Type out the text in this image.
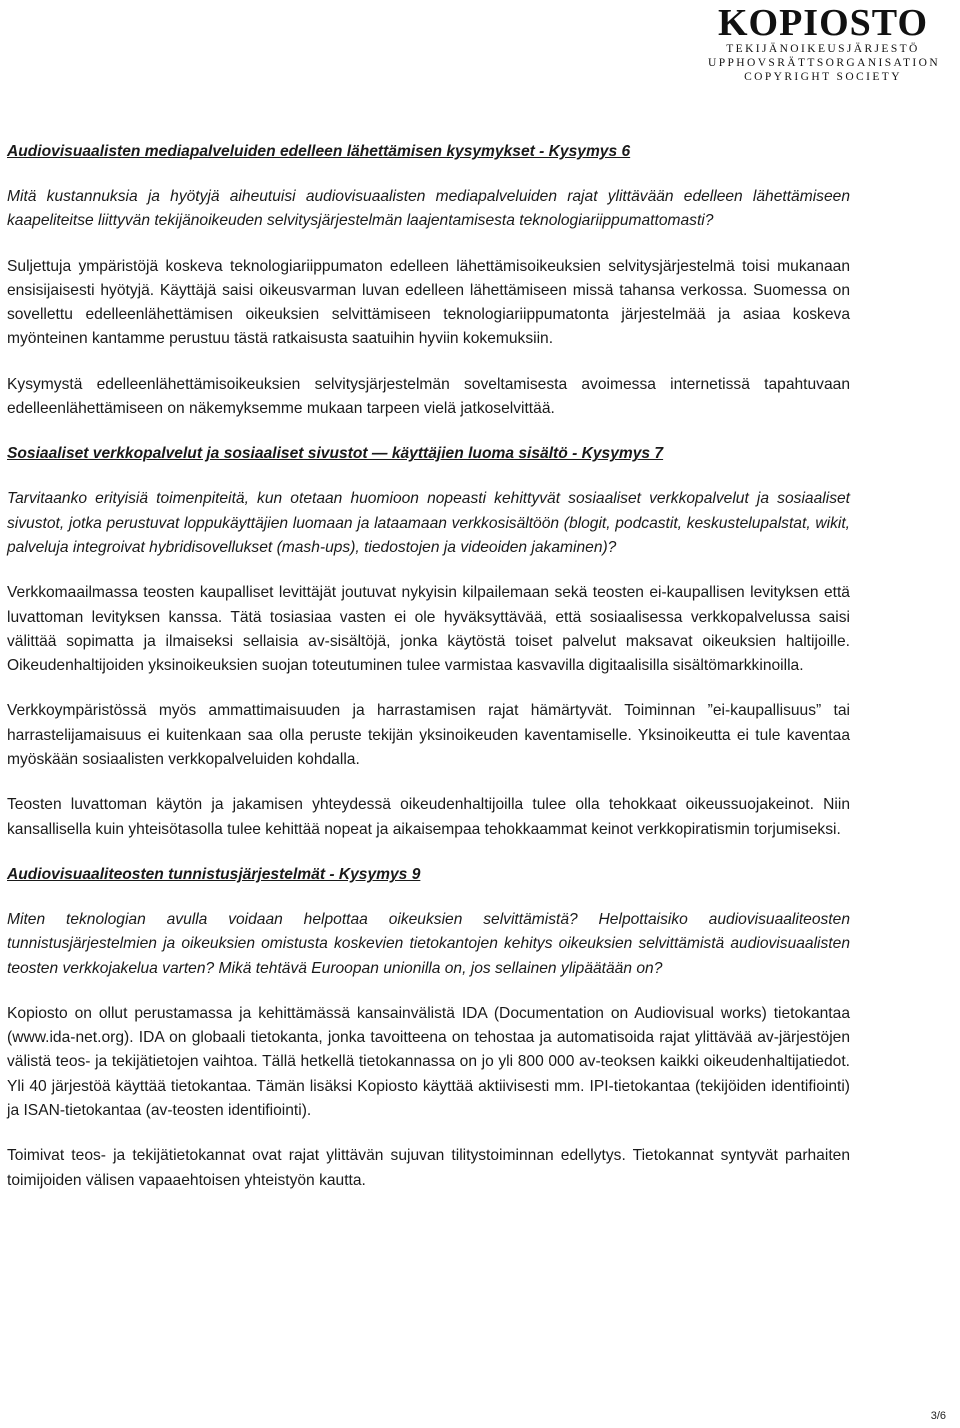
KOPIOSTO
TEKIJÄNOIKEUSJÄRJESTÖ
UPPHOVSRÄTTSORGANISATION
COPYRIGHT SOCIETY
Audiovisuaalisten mediapalveluiden edelleen lähettämisen kysymykset - Kysymys 6
Mitä kustannuksia ja hyötyjä aiheutuisi audiovisuaalisten mediapalveluiden rajat ylittävään edelleen lähettämiseen kaapeliteitse liittyvän tekijänoikeuden selvitysjärjestelmän laajentamisesta teknologiariippumattomasti?
Suljettuja ympäristöjä koskeva teknologiariippumaton edelleen lähettämisoikeuksien selvitysjärjestelmä toisi mukanaan ensisijaisesti hyötyjä. Käyttäjä saisi oikeusvarman luvan edelleen lähettämiseen missä tahansa verkossa. Suomessa on sovellettu edelleenlähettämisen oikeuksien selvittämiseen teknologiariippumatonta järjestelmää ja asiaa koskeva myönteinen kantamme perustuu tästä ratkaisusta saatuihin hyviin kokemuksiin.
Kysymystä edelleenlähettämisoikeuksien selvitysjärjestelmän soveltamisesta avoimessa internetissä tapahtuvaan edelleenlähettämiseen on näkemyksemme mukaan tarpeen vielä jatkoselvittää.
Sosiaaliset verkkopalvelut ja sosiaaliset sivustot — käyttäjien luoma sisältö - Kysymys 7
Tarvitaanko erityisiä toimenpiteitä, kun otetaan huomioon nopeasti kehittyvät sosiaaliset verkkopalvelut ja sosiaaliset sivustot, jotka perustuvat loppukäyttäjien luomaan ja lataamaan verkkosisältöön (blogit, podcastit, keskustelupalstat, wikit, palveluja integroivat hybridisovellukset (mash-ups), tiedostojen ja videoiden jakaminen)?
Verkkomaailmassa teosten kaupalliset levittäjät joutuvat nykyisin kilpailemaan sekä teosten ei-kaupallisen levityksen että luvattoman levityksen kanssa. Tätä tosiasiaa vasten ei ole hyväksyttävää, että sosiaalisessa verkkopalvelussa saisi välittää sopimatta ja ilmaiseksi sellaisia av-sisältöjä, jonka käytöstä toiset palvelut maksavat oikeuksien haltijoille. Oikeudenhaltijoiden yksinoikeuksien suojan toteutuminen tulee varmistaa kasvavilla digitaalisilla sisältömarkkinoilla.
Verkkoympäristössä myös ammattimaisuuden ja harrastamisen rajat hämärtyvät. Toiminnan ”ei-kaupallisuus” tai harrastelijamaisuus ei kuitenkaan saa olla peruste tekijän yksinoikeuden kaventamiselle. Yksinoikeutta ei tule kaventaa myöskään sosiaalisten verkkopalveluiden kohdalla.
Teosten luvattoman käytön ja jakamisen yhteydessä oikeudenhaltijoilla tulee olla tehokkaat oikeussuojakeinot. Niin kansallisella kuin yhteisötasolla tulee kehittää nopeat ja aikaisempaa tehokkaammat keinot verkkopiratismin torjumiseksi.
Audiovisuaaliteosten tunnistusjärjestelmät - Kysymys 9
Miten teknologian avulla voidaan helpottaa oikeuksien selvittämistä? Helpottaisiko audiovisuaaliteosten tunnistusjärjestelmien ja oikeuksien omistusta koskevien tietokantojen kehitys oikeuksien selvittämistä audiovisuaalisten teosten verkkojakelua varten? Mikä tehtävä Euroopan unionilla on, jos sellainen ylipäätään on?
Kopiosto on ollut perustamassa ja kehittämässä kansainvälistä IDA (Documentation on Audiovisual works) tietokantaa (www.ida-net.org). IDA on globaali tietokanta, jonka tavoitteena on tehostaa ja automatisoida rajat ylittävää av-järjestöjen välistä teos- ja tekijätietojen vaihtoa. Tällä hetkellä tietokannassa on jo yli 800 000 av-teoksen kaikki oikeudenhaltijatiedot. Yli 40 järjestöä käyttää tietokantaa. Tämän lisäksi Kopiosto käyttää aktiivisesti mm. IPI-tietokantaa (tekijöiden identifiointi) ja ISAN-tietokantaa (av-teosten identifiointi).
Toimivat teos- ja tekijätietokannat ovat rajat ylittävän sujuvan tilitystoiminnan edellytys. Tietokannat syntyvät parhaiten toimijoiden välisen vapaaehtoisen yhteistyön kautta.
3/6
